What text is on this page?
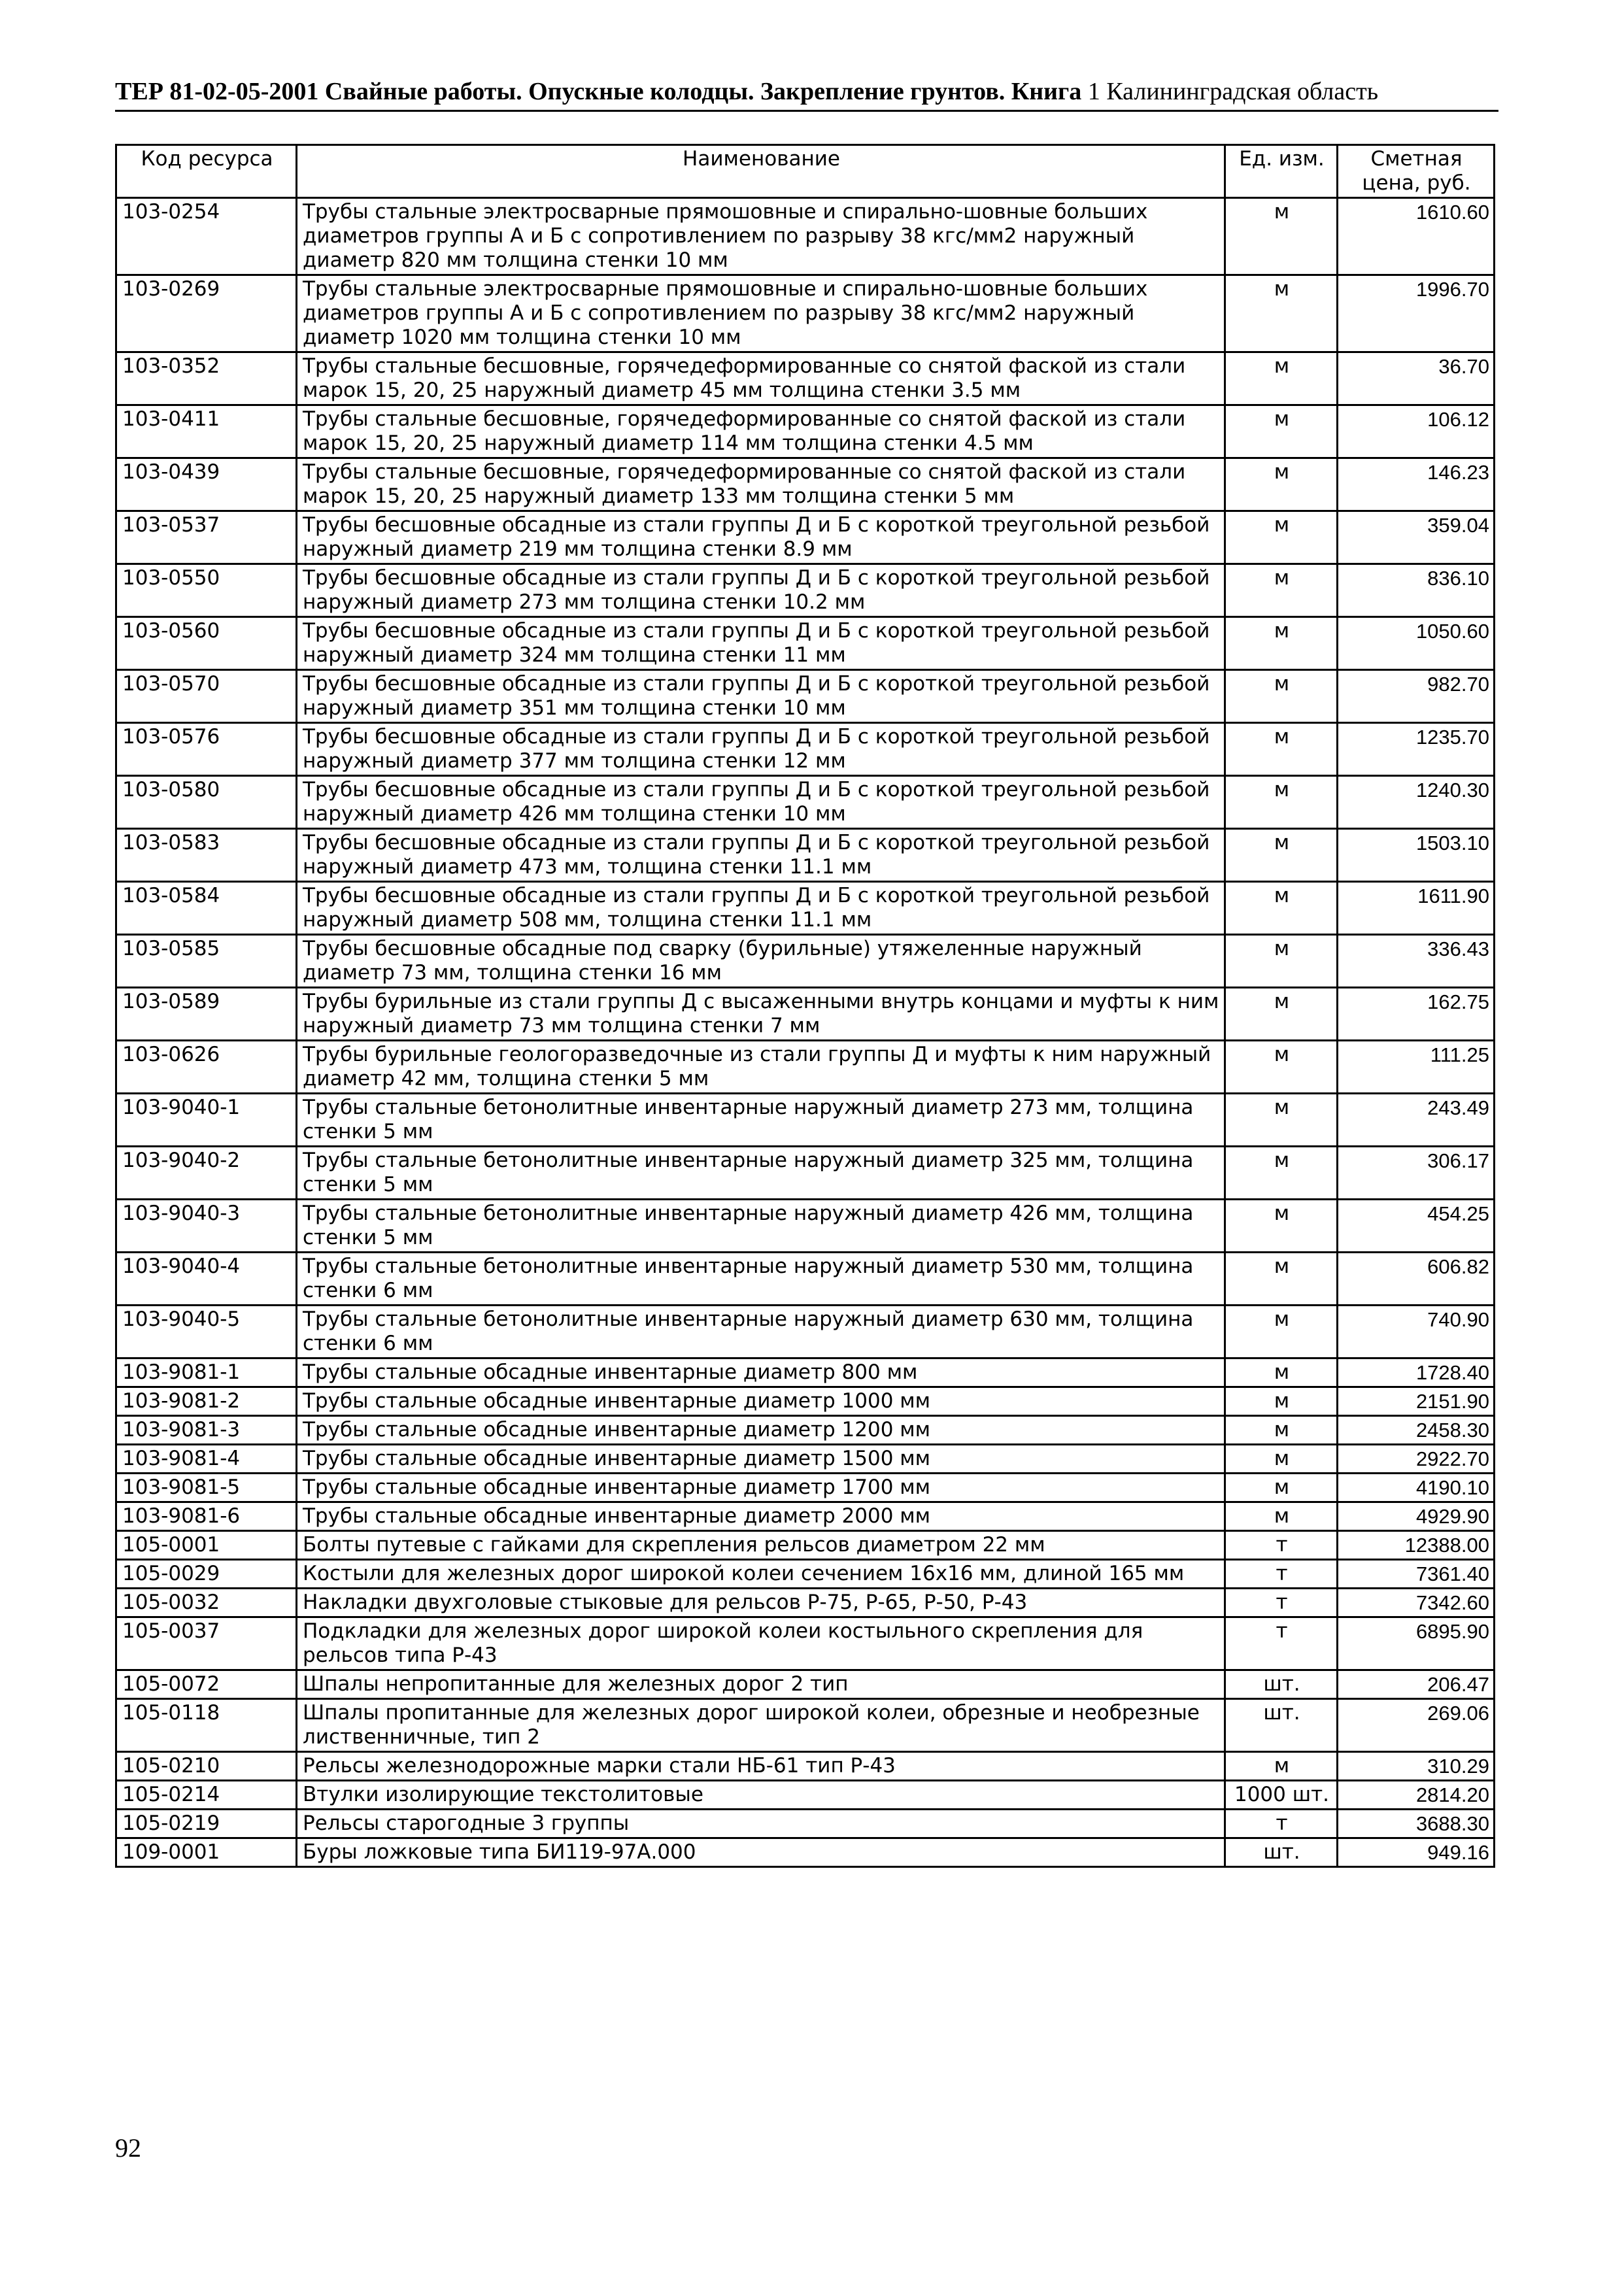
ТЕР 81-02-05-2001 Свайные работы. Опускные колодцы. Закрепление грунтов. Книга 1 Калининградская область
Код ресурса	Наименование	Ед. изм.	Сметная цена, руб.
103-0254	Трубы стальные электросварные прямошовные и спирально-шовные больших диаметров группы А и Б с сопротивлением по разрыву 38 кгс/мм2 наружный диаметр 820 мм толщина стенки 10 мм	м	1610.60
103-0269	Трубы стальные электросварные прямошовные и спирально-шовные больших диаметров группы А и Б с сопротивлением по разрыву 38 кгс/мм2 наружный диаметр 1020 мм толщина стенки 10 мм	м	1996.70
103-0352	Трубы стальные бесшовные, горячедеформированные со снятой фаской из стали марок 15, 20, 25 наружный диаметр 45 мм толщина стенки 3.5 мм	м	36.70
103-0411	Трубы стальные бесшовные, горячедеформированные со снятой фаской из стали марок 15, 20, 25 наружный диаметр 114 мм толщина стенки 4.5 мм	м	106.12
103-0439	Трубы стальные бесшовные, горячедеформированные со снятой фаской из стали марок 15, 20, 25 наружный диаметр 133 мм толщина стенки 5 мм	м	146.23
103-0537	Трубы бесшовные обсадные из стали группы Д и Б с короткой треугольной резьбой наружный диаметр 219 мм толщина стенки 8.9 мм	м	359.04
103-0550	Трубы бесшовные обсадные из стали группы Д и Б с короткой треугольной резьбой наружный диаметр 273 мм толщина стенки 10.2 мм	м	836.10
103-0560	Трубы бесшовные обсадные из стали группы Д и Б с короткой треугольной резьбой наружный диаметр 324 мм толщина стенки 11 мм	м	1050.60
103-0570	Трубы бесшовные обсадные из стали группы Д и Б с короткой треугольной резьбой наружный диаметр 351 мм толщина стенки 10 мм	м	982.70
103-0576	Трубы бесшовные обсадные из стали группы Д и Б с короткой треугольной резьбой наружный диаметр 377 мм толщина стенки 12 мм	м	1235.70
103-0580	Трубы бесшовные обсадные из стали группы Д и Б с короткой треугольной резьбой наружный диаметр 426 мм толщина стенки 10 мм	м	1240.30
103-0583	Трубы бесшовные обсадные из стали группы Д и Б с короткой треугольной резьбой наружный диаметр 473 мм, толщина стенки 11.1 мм	м	1503.10
103-0584	Трубы бесшовные обсадные из стали группы Д и Б с короткой треугольной резьбой наружный диаметр 508 мм, толщина стенки 11.1 мм	м	1611.90
103-0585	Трубы бесшовные обсадные под сварку (бурильные) утяжеленные наружный диаметр 73 мм, толщина стенки 16 мм	м	336.43
103-0589	Трубы бурильные из стали группы Д с высаженными внутрь концами и муфты к ним наружный диаметр 73 мм толщина стенки 7 мм	м	162.75
103-0626	Трубы бурильные геологоразведочные из стали группы Д и муфты к ним наружный диаметр 42 мм, толщина стенки 5 мм	м	111.25
103-9040-1	Трубы стальные бетонолитные инвентарные наружный диаметр 273 мм, толщина стенки 5 мм	м	243.49
103-9040-2	Трубы стальные бетонолитные инвентарные наружный диаметр 325 мм, толщина стенки 5 мм	м	306.17
103-9040-3	Трубы стальные бетонолитные инвентарные наружный диаметр 426 мм, толщина стенки 5 мм	м	454.25
103-9040-4	Трубы стальные бетонолитные инвентарные наружный диаметр 530 мм, толщина стенки 6 мм	м	606.82
103-9040-5	Трубы стальные бетонолитные инвентарные наружный диаметр 630 мм, толщина стенки 6 мм	м	740.90
103-9081-1	Трубы стальные обсадные инвентарные диаметр 800 мм	м	1728.40
103-9081-2	Трубы стальные обсадные инвентарные диаметр 1000 мм	м	2151.90
103-9081-3	Трубы стальные обсадные инвентарные диаметр 1200 мм	м	2458.30
103-9081-4	Трубы стальные обсадные инвентарные диаметр 1500 мм	м	2922.70
103-9081-5	Трубы стальные обсадные инвентарные диаметр 1700 мм	м	4190.10
103-9081-6	Трубы стальные обсадные инвентарные диаметр 2000 мм	м	4929.90
105-0001	Болты путевые с гайками для скрепления рельсов диаметром 22 мм	т	12388.00
105-0029	Костыли для железных дорог широкой колеи сечением 16х16 мм, длиной 165 мм	т	7361.40
105-0032	Накладки двухголовые стыковые для рельсов Р-75, Р-65, Р-50, Р-43	т	7342.60
105-0037	Подкладки для железных дорог широкой колеи костыльного скрепления для рельсов типа Р-43	т	6895.90
105-0072	Шпалы непропитанные для железных дорог 2 тип	шт.	206.47
105-0118	Шпалы пропитанные для железных дорог широкой колеи, обрезные и необрезные лиственничные, тип 2	шт.	269.06
105-0210	Рельсы железнодорожные марки стали НБ-61 тип Р-43	м	310.29
105-0214	Втулки изолирующие текстолитовые	1000 шт.	2814.20
105-0219	Рельсы старогодные 3 группы	т	3688.30
109-0001	Буры ложковые типа БИ119-97А.000	шт.	949.16
92
